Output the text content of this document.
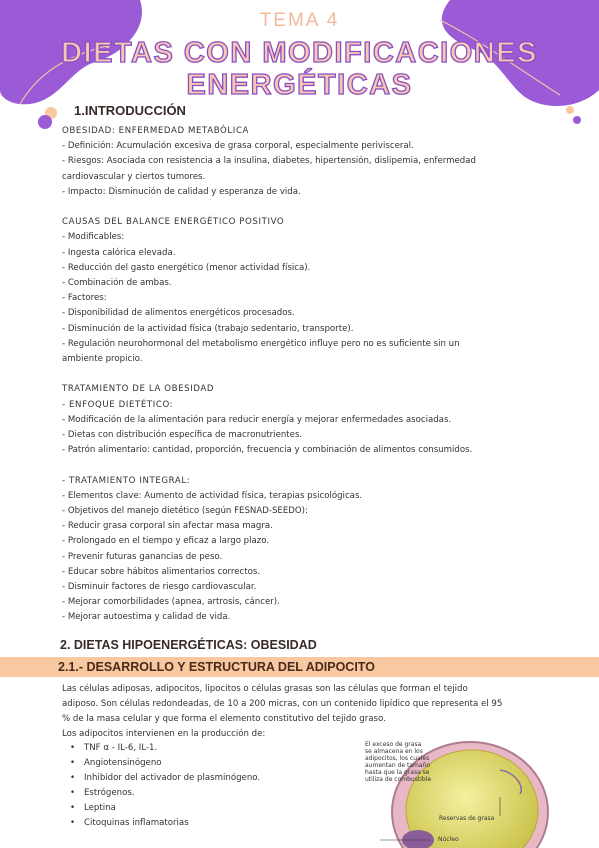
TEMA 4
DIETAS CON MODIFICACIONES
ENERGÉTICAS
1.INTRODUCCIÓN
OBESIDAD: ENFERMEDAD METABÓLICA
- Definición: Acumulación excesiva de grasa corporal, especialmente perivisceral.
- Riesgos: Asociada con resistencia a la insulina, diabetes, hipertensión, dislipemia, enfermedad
cardiovascular y ciertos tumores.
- Impacto: Disminución de calidad y esperanza de vida.
CAUSAS DEL BALANCE ENERGÉTICO POSITIVO
- Modificables:
- Ingesta calórica elevada.
- Reducción del gasto energético (menor actividad física).
- Combinación de ambas.
- Factores:
- Disponibilidad de alimentos energéticos procesados.
- Disminución de la actividad física (trabajo sedentario, transporte).
- Regulación neurohormonal del metabolismo energético influye pero no es suficiente sin un
ambiente propicio.
TRATAMIENTO DE LA OBESIDAD
- ENFOQUE DIETÉTICO:
- Modificación de la alimentación para reducir energía y mejorar enfermedades asociadas.
- Dietas con distribución específica de macronutrientes.
- Patrón alimentario: cantidad, proporción, frecuencia y combinación de alimentos consumidos.
- TRATAMIENTO INTEGRAL:
- Elementos clave: Aumento de actividad física, terapias psicológicas.
- Objetivos del manejo dietético (según FESNAD-SEEDO):
- Reducir grasa corporal sin afectar masa magra.
- Prolongado en el tiempo y eficaz a largo plazo.
- Prevenir futuras ganancias de peso.
- Educar sobre hábitos alimentarios correctos.
- Disminuir factores de riesgo cardiovascular.
- Mejorar comorbilidades (apnea, artrosis, cáncer).
- Mejorar autoestima y calidad de vida.
2. DIETAS HIPOENERGÉTICAS: OBESIDAD
2.1.- DESARROLLO Y ESTRUCTURA DEL ADIPOCITO
Las células adiposas, adipocitos, lipocitos o células grasas son las células que forman el tejido
adiposo. Son células redondeadas, de 10 a 200 micras, con un contenido lipídico que representa el 95
% de la masa celular y que forma el elemento constitutivo del tejido graso.
Los adipocitos intervienen en la producción de:
• TNF α - IL-6, IL-1.
• Angiotensinógeno
• Inhibidor del activador de plasminógeno.
• Estrógenos.
• Leptina
• Citoquinas inflamatorias
El exceso de grasa
se almacena en los
adipocitos, los cuales
aumentan de tamaño
hasta que la grasa se
utiliza de combustible
Reservas de grasa
Núcleo
